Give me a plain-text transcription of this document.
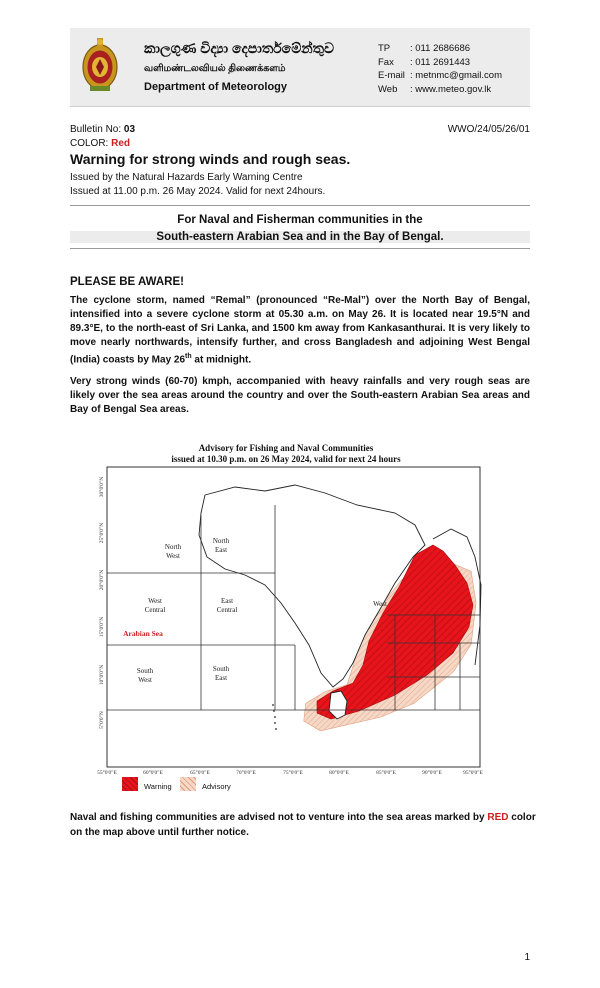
කාලගුණ විද්‍යා දෙපාර්තමේන්තුව
வளிமண்டலவியல் திணைக்களம்
Department of Meteorology
TP	: 011 2686686
Fax	: 011 2691443
E-mail : metnmc@gmail.com
Web	: www.meteo.gov.lk
Bulletin No: 03	WWO/24/05/26/01
COLOR: Red
Warning for strong winds and rough seas.
Issued by the Natural Hazards Early Warning Centre
Issued at 11.00 p.m. 26 May 2024. Valid for next 24hours.
For Naval and Fisherman communities in the
South-eastern Arabian Sea and in the Bay of Bengal.
PLEASE BE AWARE!
The cyclone storm, named “Remal” (pronounced “Re-Mal”) over the North Bay of Bengal, intensified into a severe cyclone storm at 05.30 a.m. on May 26. It is located near 19.5°N and 89.3°E, to the north-east of Sri Lanka, and 1500 km away from Kankasanthurai. It is very likely to move nearly northwards, intensify further, and cross Bangladesh and adjoining West Bengal (India) coasts by May 26th at midnight.
Very strong winds (60-70) kmph, accompanied with heavy rainfalls and very rough seas are likely over the sea areas around the country and over the South-eastern Arabian Sea areas and Bay of Bengal Sea areas.
Advisory for Fishing and Naval Communities
issued at 10.30 p.m. on 26 May 2024, valid for next 24 hours
North
West
North
East
West
Central
East
Central
South
West
South
East
West
Arabian Sea
55°0'0"E	60°0'0"E	65°0'0"E	70°0'0"E	75°0'0"E	80°0'0"E	85°0'0"E	90°0'0"E	95°0'0"E
30°0'0"N
25°0'0"N
20°0'0"N
15°0'0"N
10°0'0"N
5°0'0"N
Warning	Advisory
Naval and fishing communities are advised not to venture into the sea areas marked by RED color on the map above until further notice.
1
